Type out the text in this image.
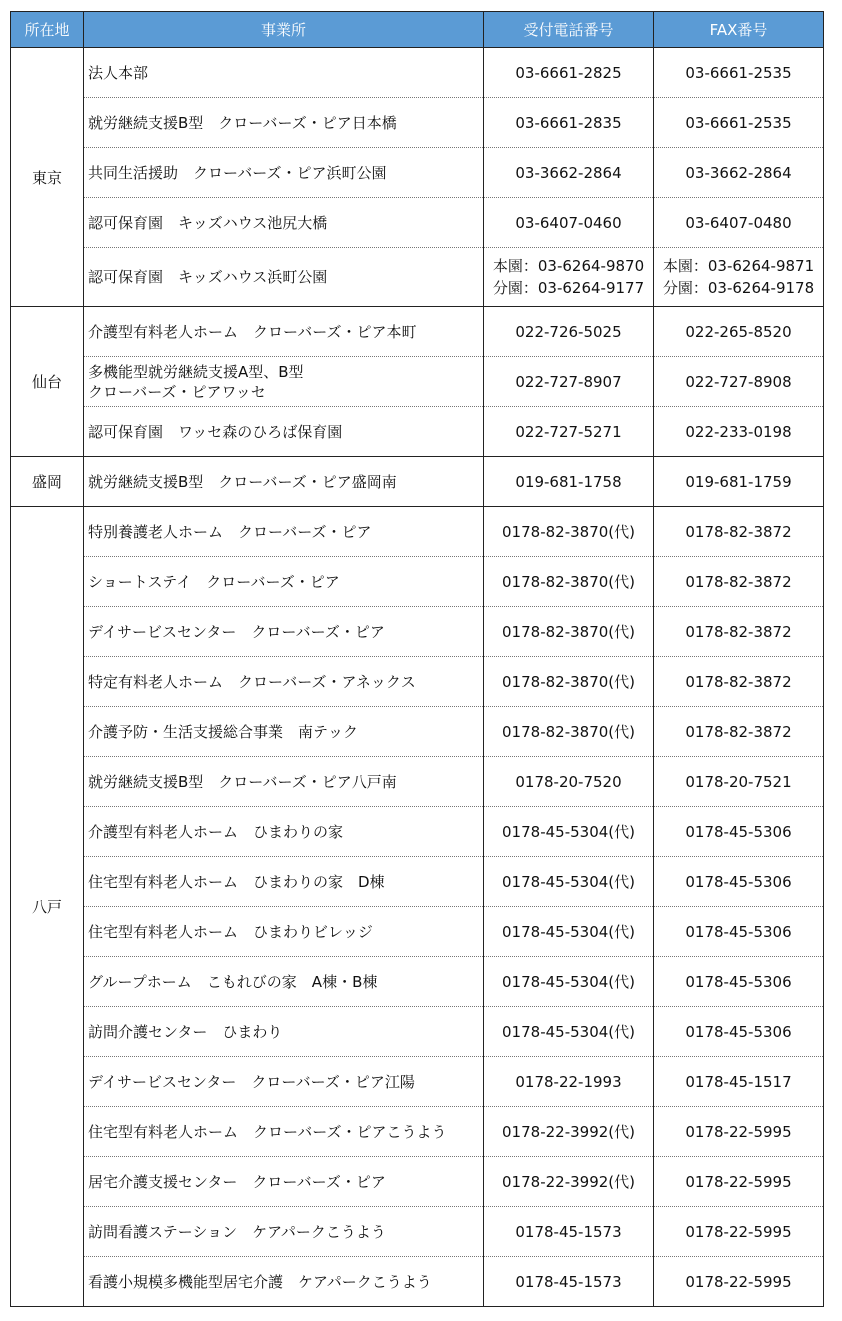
所在地	事業所	受付電話番号	FAX番号
東京	法人本部	03-6661-2825	03-6661-2535

	就労継続支援B型　クローバーズ・ピア日本橋	03-6661-2835	03-6661-2535

	共同生活援助　クローバーズ・ピア浜町公園	03-3662-2864	03-3662-2864

	認可保育園　キッズハウス池尻大橋	03-6407-0460	03-6407-0480

	認可保育園　キッズハウス浜町公園	本園：03-6264-9870
分園：03-6264-9177	本園：03-6264-9871
分園：03-6264-9178

仙台	介護型有料老人ホーム　クローバーズ・ピア本町	022-726-5025	022-265-8520

	多機能型就労継続支援A型、B型
クローバーズ・ピアワッセ	022-727-8907	022-727-8908

	認可保育園　ワッセ森のひろば保育園	022-727-5271	022-233-0198

盛岡	就労継続支援B型　クローバーズ・ピア盛岡南	019-681-1758	019-681-1759

八戸	特別養護老人ホーム　クローバーズ・ピア	0178-82-3870(代)	0178-82-3872

	ショートステイ　クローバーズ・ピア	0178-82-3870(代)	0178-82-3872

	デイサービスセンター　クローバーズ・ピア	0178-82-3870(代)	0178-82-3872

	特定有料老人ホーム　クローバーズ・アネックス	0178-82-3870(代)	0178-82-3872

	介護予防・生活支援総合事業　南テック	0178-82-3870(代)	0178-82-3872

	就労継続支援B型　クローバーズ・ピア八戸南	0178-20-7520	0178-20-7521

	介護型有料老人ホーム　ひまわりの家	0178-45-5304(代)	0178-45-5306

	住宅型有料老人ホーム　ひまわりの家　D棟	0178-45-5304(代)	0178-45-5306

	住宅型有料老人ホーム　ひまわりビレッジ	0178-45-5304(代)	0178-45-5306

	グループホーム　こもれびの家　A棟・B棟	0178-45-5304(代)	0178-45-5306

	訪問介護センター　ひまわり	0178-45-5304(代)	0178-45-5306

	デイサービスセンター　クローバーズ・ピア江陽	0178-22-1993	0178-45-1517

	住宅型有料老人ホーム　クローバーズ・ピアこうよう	0178-22-3992(代)	0178-22-5995

	居宅介護支援センター　クローバーズ・ピア	0178-22-3992(代)	0178-22-5995

	訪問看護ステーション　ケアパークこうよう	0178-45-1573	0178-22-5995

	看護小規模多機能型居宅介護　ケアパークこうよう	0178-45-1573	0178-22-5995
